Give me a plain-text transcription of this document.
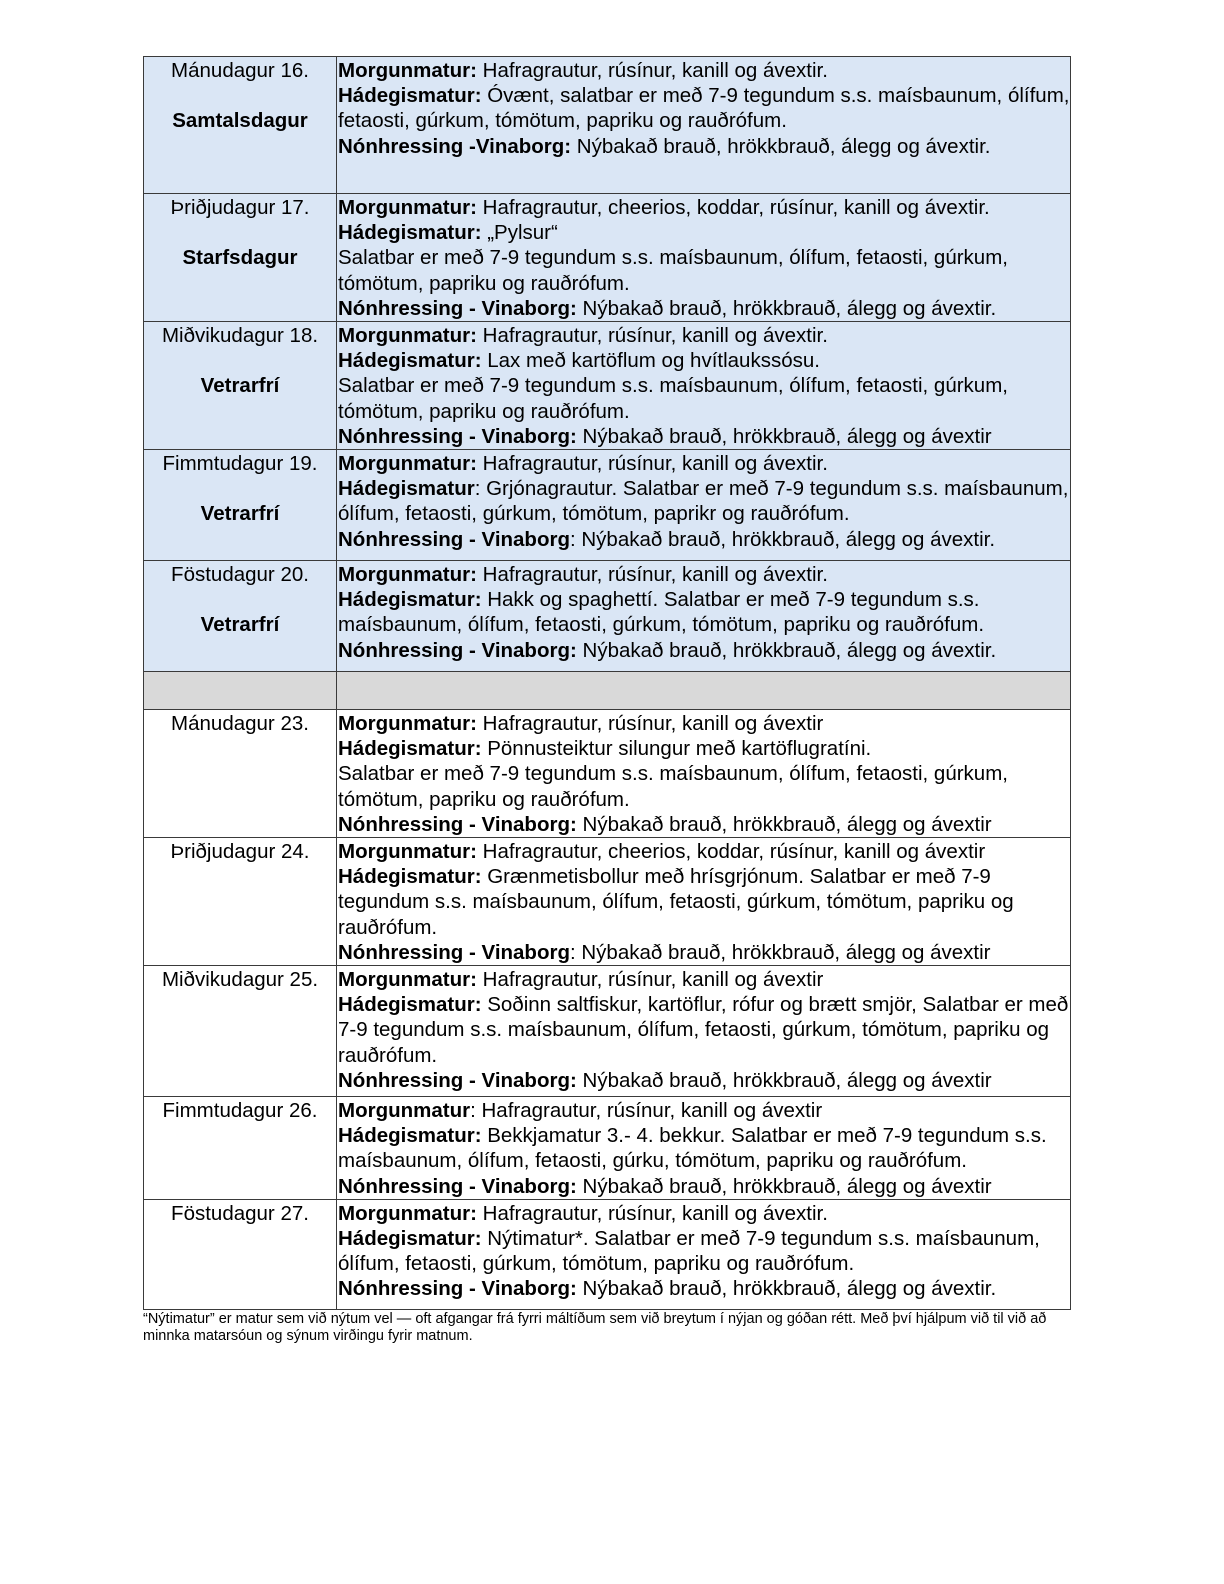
Mánudagur 16.
Samtalsdagur	Morgunmatur: Hafragrautur, rúsínur, kanill og ávextir.
Hádegismatur: Óvænt, salatbar er með 7-9 tegundum s.s. maísbaunum, ólífum, fetaosti, gúrkum, tómötum, papriku og rauðrófum.
Nónhressing -Vinaborg: Nýbakað brauð, hrökkbrauð, álegg og ávextir.

Þriðjudagur 17.
Starfsdagur	Morgunmatur: Hafragrautur, cheerios, koddar, rúsínur, kanill og ávextir.
Hádegismatur: „Pylsur“
Salatbar er með 7-9 tegundum s.s. maísbaunum, ólífum, fetaosti, gúrkum, tómötum, papriku og rauðrófum.
Nónhressing - Vinaborg: Nýbakað brauð, hrökkbrauð, álegg og ávextir.

Miðvikudagur 18.
Vetrarfrí	Morgunmatur: Hafragrautur, rúsínur, kanill og ávextir.
Hádegismatur: Lax með kartöflum og hvítlaukssósu.
Salatbar er með 7-9 tegundum s.s. maísbaunum, ólífum, fetaosti, gúrkum, tómötum, papriku og rauðrófum.
Nónhressing - Vinaborg: Nýbakað brauð, hrökkbrauð, álegg og ávextir

Fimmtudagur 19.
Vetrarfrí	Morgunmatur: Hafragrautur, rúsínur, kanill og ávextir.
Hádegismatur: Grjónagrautur. Salatbar er með 7-9 tegundum s.s. maísbaunum, ólífum, fetaosti, gúrkum, tómötum, paprikr og rauðrófum.
Nónhressing - Vinaborg: Nýbakað brauð, hrökkbrauð, álegg og ávextir.

Föstudagur 20.
Vetrarfrí	Morgunmatur: Hafragrautur, rúsínur, kanill og ávextir.
Hádegismatur: Hakk og spaghettí. Salatbar er með 7-9 tegundum s.s. maísbaunum, ólífum, fetaosti, gúrkum, tómötum, papriku og rauðrófum.
Nónhressing - Vinaborg: Nýbakað brauð, hrökkbrauð, álegg og ávextir.

Mánudagur 23.	Morgunmatur: Hafragrautur, rúsínur, kanill og ávextir
Hádegismatur: Pönnusteiktur silungur með kartöflugratíni.
Salatbar er með 7-9 tegundum s.s. maísbaunum, ólífum, fetaosti, gúrkum, tómötum, papriku og rauðrófum.
Nónhressing - Vinaborg: Nýbakað brauð, hrökkbrauð, álegg og ávextir

Þriðjudagur 24.	Morgunmatur: Hafragrautur, cheerios, koddar, rúsínur, kanill og ávextir
Hádegismatur: Grænmetisbollur með hrísgrjónum. Salatbar er með 7-9 tegundum s.s. maísbaunum, ólífum, fetaosti, gúrkum, tómötum, papriku og rauðrófum.
Nónhressing - Vinaborg: Nýbakað brauð, hrökkbrauð, álegg og ávextir

Miðvikudagur 25.	Morgunmatur: Hafragrautur, rúsínur, kanill og ávextir
Hádegismatur: Soðinn saltfiskur, kartöflur, rófur og brætt smjör, Salatbar er með 7-9 tegundum s.s. maísbaunum, ólífum, fetaosti, gúrkum, tómötum, papriku og rauðrófum.
Nónhressing - Vinaborg: Nýbakað brauð, hrökkbrauð, álegg og ávextir

Fimmtudagur 26.	Morgunmatur: Hafragrautur, rúsínur, kanill og ávextir
Hádegismatur: Bekkjamatur 3.- 4. bekkur. Salatbar er með 7-9 tegundum s.s. maísbaunum, ólífum, fetaosti, gúrku, tómötum, papriku og rauðrófum.
Nónhressing - Vinaborg: Nýbakað brauð, hrökkbrauð, álegg og ávextir

Föstudagur 27.	Morgunmatur: Hafragrautur, rúsínur, kanill og ávextir.
Hádegismatur: Nýtimatur*. Salatbar er með 7-9 tegundum s.s. maísbaunum, ólífum, fetaosti, gúrkum, tómötum, papriku og rauðrófum.
Nónhressing - Vinaborg: Nýbakað brauð, hrökkbrauð, álegg og ávextir.
“Nýtimatur” er matur sem við nýtum vel — oft afgangar frá fyrri máltíðum sem við breytum í nýjan og góðan rétt. Með því hjálpum við til við að minnka matarsóun og sýnum virðingu fyrir matnum.
